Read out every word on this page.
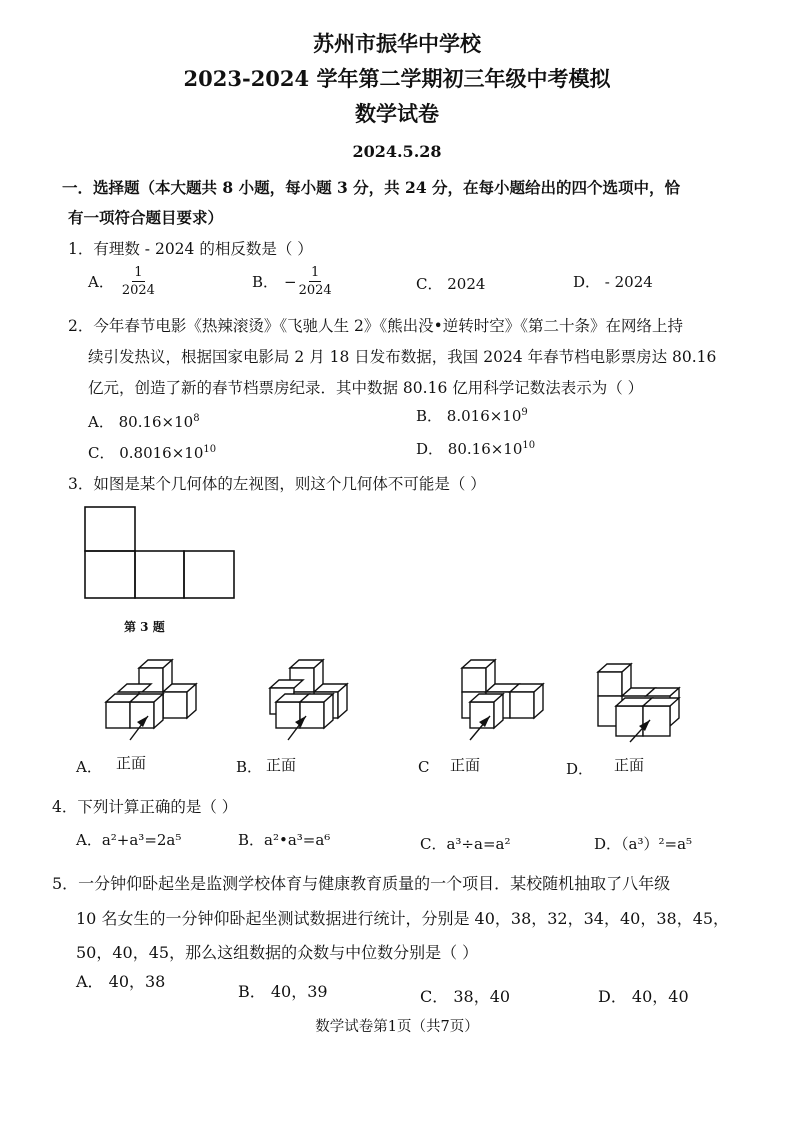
苏州市振华中学校
2023-2024 学年第二学期初三年级中考模拟
数学试卷
2024.5.28
一．选择题（本大题共 8 小题，每小题 3 分，共 24 分，在每小题给出的四个选项中，恰
有一项符合题目要求）
1．有理数 - 2024 的相反数是（ ）
A． $\frac{1}{2024}$	B． − $\frac{1}{2024}$	C． 2024	D． - 2024
2．今年春节电影《热辣滚烫》《飞驰人生 2》《熊出没•逆转时空》《第二十条》在网络上持
续引发热议，根据国家电影局 2 月 18 日发布数据，我国 2024 年春节档电影票房达 80.16
亿元，创造了新的春节档票房纪录．其中数据 80.16 亿用科学记数法表示为（ ）
A． $80.16\times 10^8$	B． $8.016\times 10^9$
C． $0.8016\times 10^{10}$	D． $80.16\times 10^{10}$
3．如图是某个几何体的左视图，则这个几何体不可能是（ ）
第 3 题
A． 正面	B． 正面	C 正面	D． 正面
4．下列计算正确的是（ ）
A．a²+a³=2a⁵	B．a²•a³=a⁶	C．a³÷a=a²	D．（a³）²=a⁵
5．一分钟仰卧起坐是监测学校体育与健康教育质量的一个项目．某校随机抽取了八年级
10 名女生的一分钟仰卧起坐测试数据进行统计，分别是 40，38，32，34，40，38，45，
50，40，45，那么这组数据的众数与中位数分别是（ ）
A． 40，38
B． 40，39	C． 38，40	D． 40，40
数学试卷第1页（共7页）
